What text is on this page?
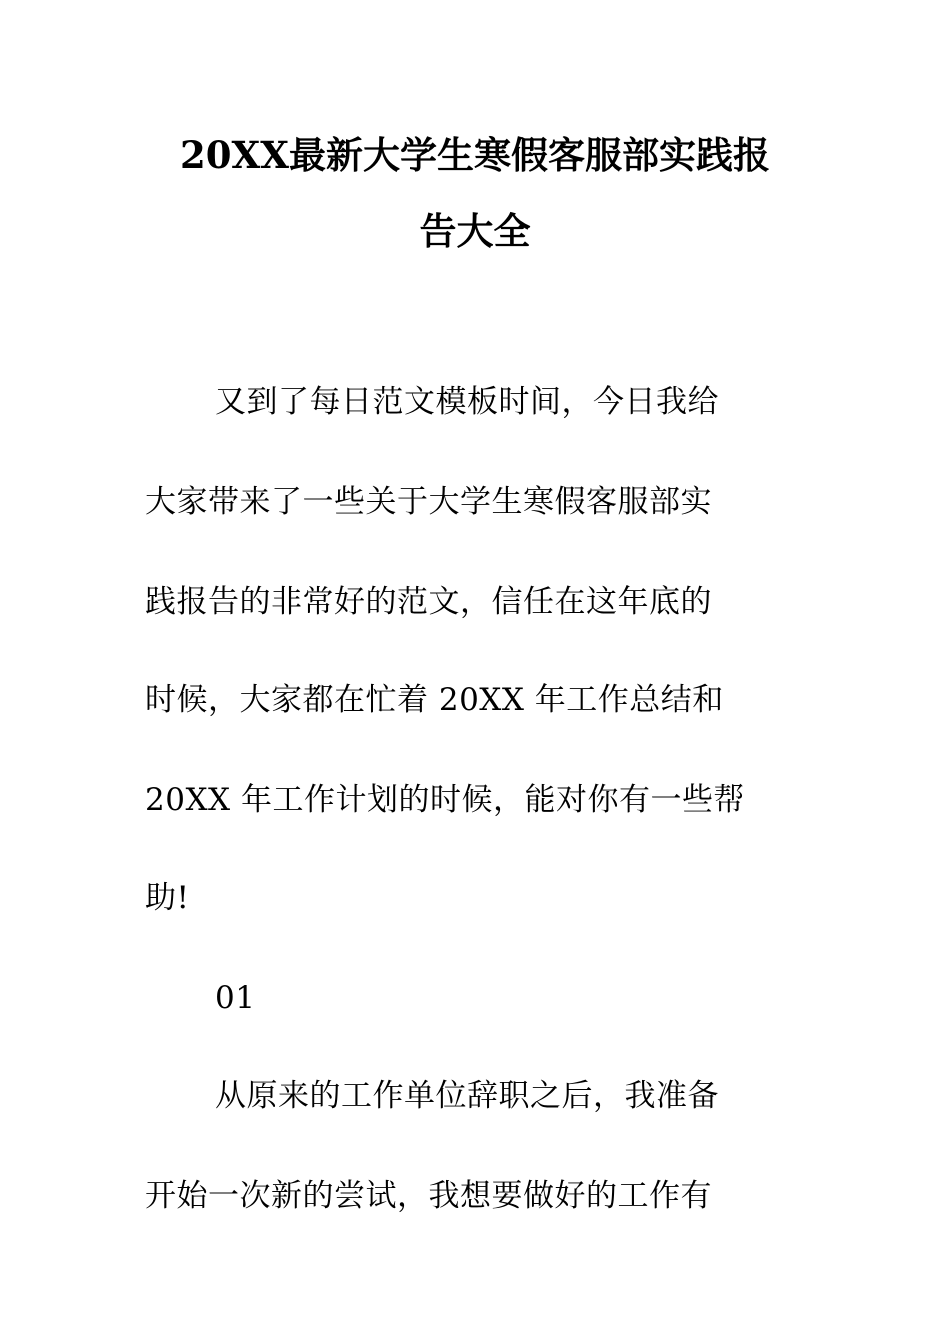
20XX最新大学生寒假客服部实践报
告大全
又到了每日范文模板时间，今日我给
大家带来了一些关于大学生寒假客服部实
践报告的非常好的范文，信任在这年底的
时候，大家都在忙着 20XX 年工作总结和
20XX 年工作计划的时候，能对你有一些帮
助!
01
从原来的工作单位辞职之后，我准备
开始一次新的尝试，我想要做好的工作有
